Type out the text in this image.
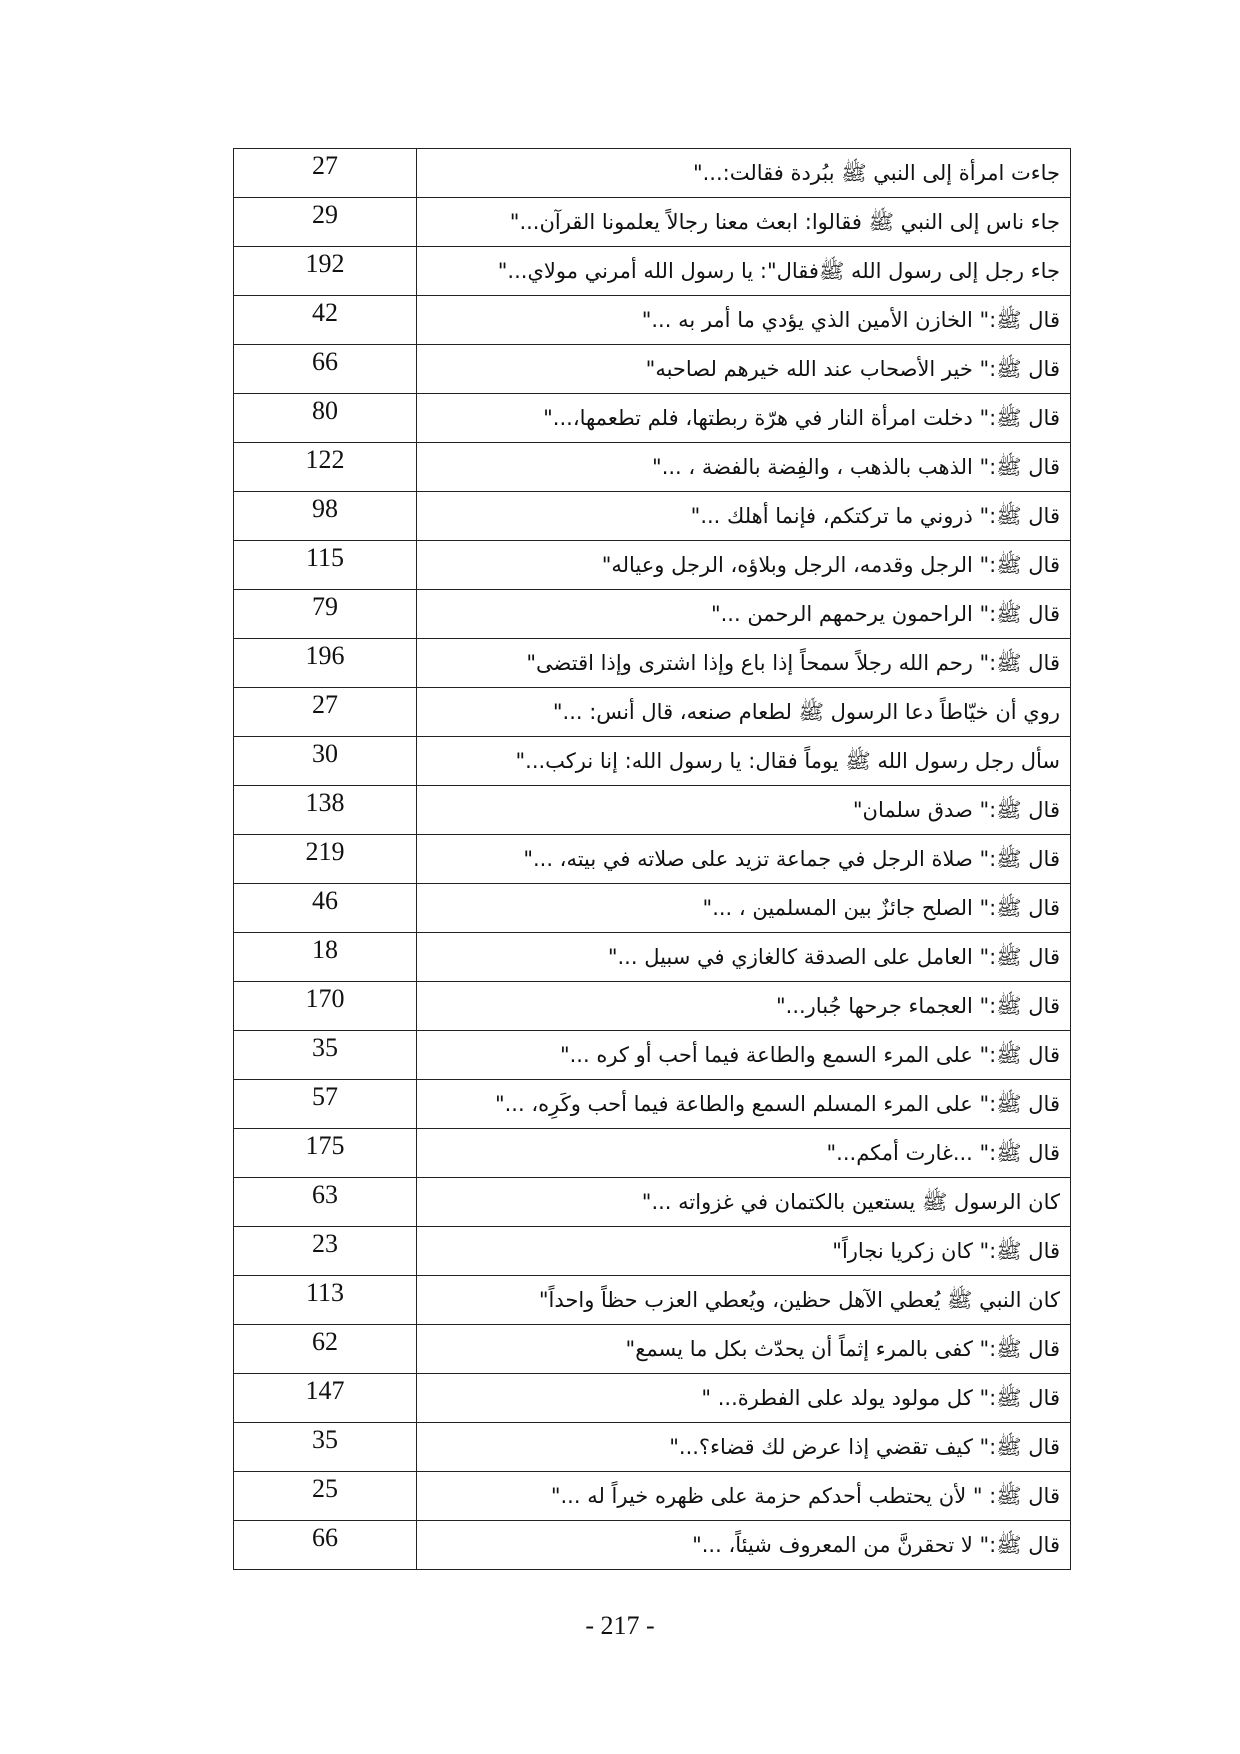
جاءت امرأة إلى النبي ﷺ ببُردة فقالت:..."	27
جاء ناس إلى النبي ﷺ فقالوا: ابعث معنا رجالاً يعلمونا القرآن..."	29
جاء رجل إلى رسول الله ﷺفقال": يا رسول الله أمرني مولاي..."	192
قال ﷺ:" الخازن الأمين الذي يؤدي ما أمر به ..."	42
قال ﷺ:" خير الأصحاب عند الله خيرهم لصاحبه"	66
قال ﷺ:" دخلت امرأة النار في هرّة ربطتها، فلم تطعمها،..."	80
قال ﷺ:" الذهب بالذهب ، والفِضة بالفضة ، ..."	122
قال ﷺ:" ذروني ما تركتكم، فإنما أهلك ..."	98
قال ﷺ:" الرجل وقدمه، الرجل وبلاؤه، الرجل وعياله"	115
قال ﷺ:" الراحمون يرحمهم الرحمن ..."	79
قال ﷺ:" رحم الله رجلاً سمحاً إذا باع وإذا اشترى وإذا اقتضى"	196
روي أن خيّاطاً دعا الرسول ﷺ لطعام صنعه، قال أنس: ..."	27
سأل رجل رسول الله ﷺ يوماً فقال: يا رسول الله: إنا نركب..."	30
قال ﷺ:" صدق سلمان"	138
قال ﷺ:" صلاة الرجل في جماعة تزيد على صلاته في بيته، ..."	219
قال ﷺ:" الصلح جائزٌ بين المسلمين ، ..."	46
قال ﷺ:" العامل على الصدقة كالغازي في سبيل ..."	18
قال ﷺ:" العجماء جرحها جُبار..."	170
قال ﷺ:" على المرء السمع والطاعة فيما أحب أو كره ..."	35
قال ﷺ:" على المرء المسلم السمع والطاعة فيما أحب وكَرِه، ..."	57
قال ﷺ:" ...غارت أمكم..."	175
كان الرسول ﷺ يستعين بالكتمان في غزواته ..."	63
قال ﷺ:" كان زكريا نجاراً"	23
كان النبي ﷺ يُعطي الآهل حظين، ويُعطي العزب حظاً واحداً"	113
قال ﷺ:" كفى بالمرء إثماً أن يحدّث بكل ما يسمع"	62
قال ﷺ:" كل مولود يولد على الفطرة... "	147
قال ﷺ:" كيف تقضي إذا عرض لك قضاء؟..."	35
قال ﷺ: " لأن يحتطب أحدكم حزمة على ظهره خيراً له ..."	25
قال ﷺ:" لا تحقرنَّ من المعروف شيئاً، ..."	66
- 217 -
